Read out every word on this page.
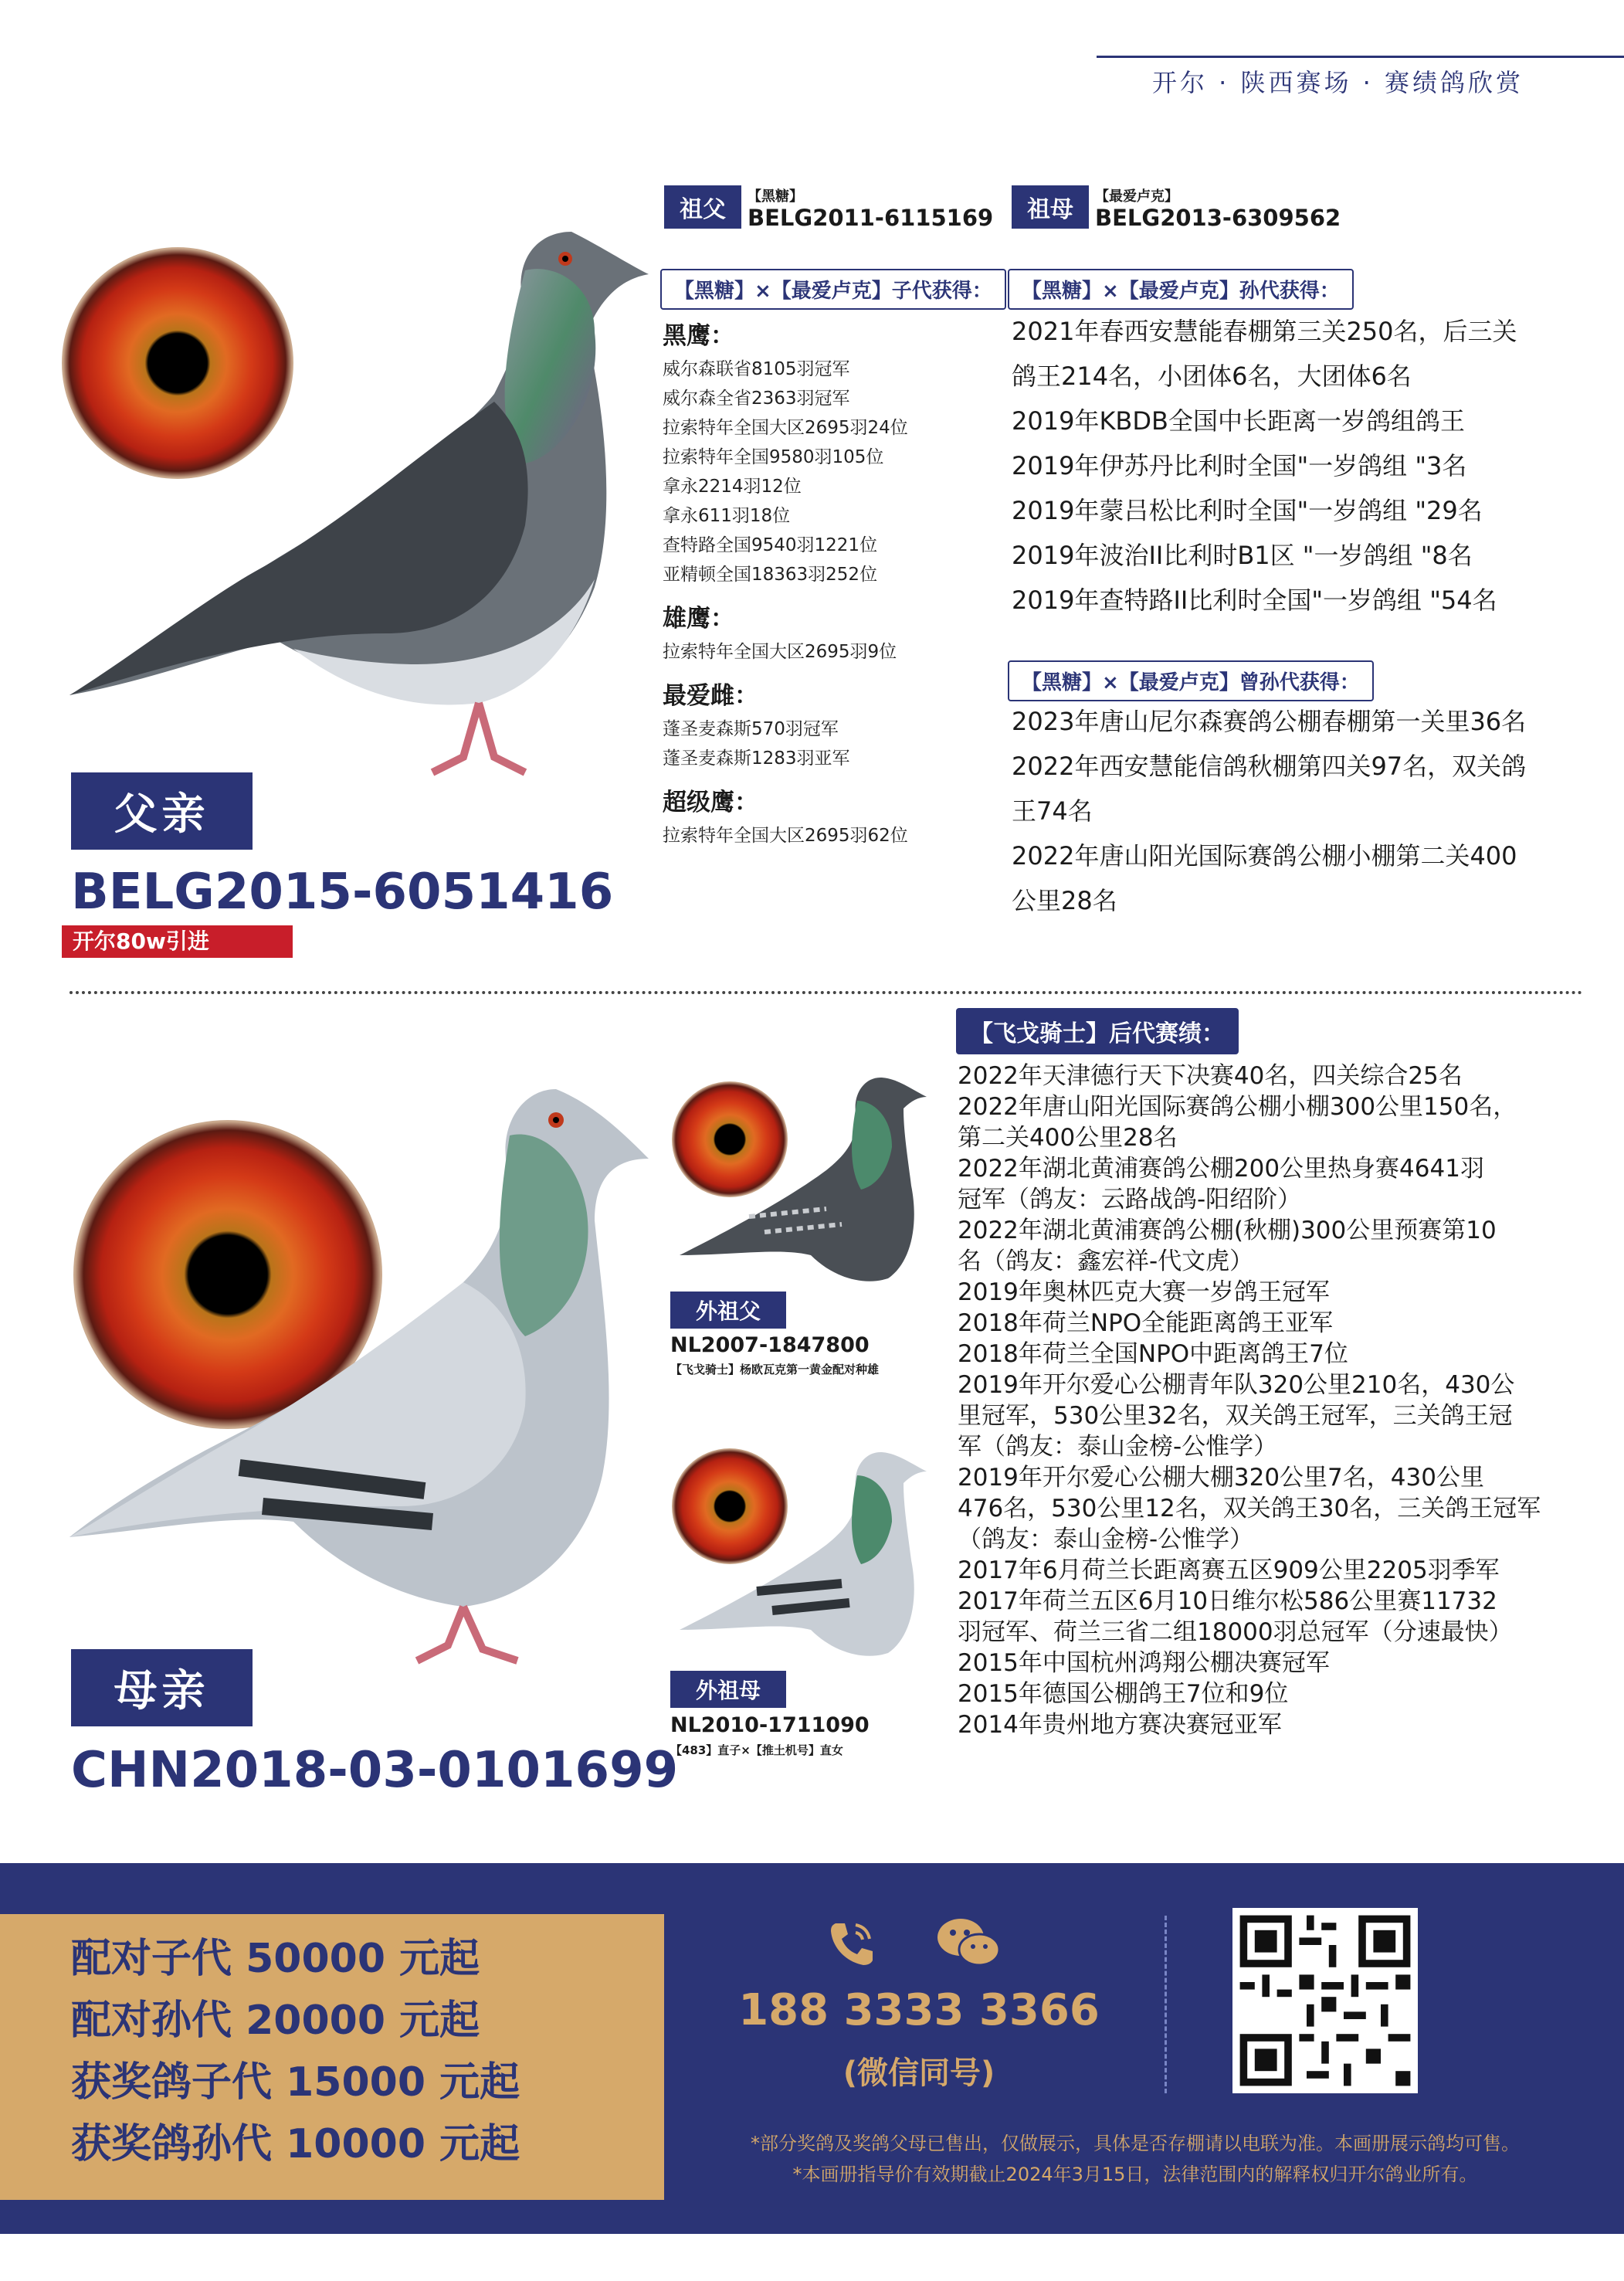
开尔 · 陕西赛场 · 赛绩鸽欣赏
父亲
BELG2015-6051416
开尔80w引进
祖父	【黑糖】
BELG2011-6115169	祖母	【最爱卢克】
BELG2013-6309562
【黑糖】×【最爱卢克】子代获得：
黑鹰：
威尔森联省8105羽冠军
威尔森全省2363羽冠军
拉索特年全国大区2695羽24位
拉索特年全国9580羽105位
拿永2214羽12位
拿永611羽18位
查特路全国9540羽1221位
亚精顿全国18363羽252位
雄鹰：
拉索特年全国大区2695羽9位
最爱雌：
蓬圣麦森斯570羽冠军
蓬圣麦森斯1283羽亚军
超级鹰：
拉索特年全国大区2695羽62位
【黑糖】×【最爱卢克】孙代获得：
2021年春西安慧能春棚第三关250名，后三关
鸽王214名，小团体6名，大团体6名
2019年KBDB全国中长距离一岁鸽组鸽王
2019年伊苏丹比利时全国"一岁鸽组 "3名
2019年蒙吕松比利时全国"一岁鸽组 "29名
2019年波治II比利时B1区 "一岁鸽组 "8名
2019年查特路II比利时全国"一岁鸽组 "54名
【黑糖】×【最爱卢克】曾孙代获得：
2023年唐山尼尔森赛鸽公棚春棚第一关里36名
2022年西安慧能信鸽秋棚第四关97名，双关鸽
王74名
2022年唐山阳光国际赛鸽公棚小棚第二关400
公里28名
母亲
CHN2018-03-0101699
外祖父
NL2007-1847800
【飞戈骑士】杨欧瓦克第一黄金配对种雄
外祖母
NL2010-1711090
【483】直子×【推土机号】直女
【飞戈骑士】后代赛绩：
2022年天津德行天下决赛40名，四关综合25名
2022年唐山阳光国际赛鸽公棚小棚300公里150名，
第二关400公里28名
2022年湖北黄浦赛鸽公棚200公里热身赛4641羽
冠军（鸽友：云路战鸽-阳绍阶）
2022年湖北黄浦赛鸽公棚(秋棚)300公里预赛第10
名（鸽友：鑫宏祥-代文虎）
2019年奥林匹克大赛一岁鸽王冠军
2018年荷兰NPO全能距离鸽王亚军
2018年荷兰全国NPO中距离鸽王7位
2019年开尔爱心公棚青年队320公里210名，430公
里冠军，530公里32名，双关鸽王冠军，三关鸽王冠
军（鸽友：泰山金榜-公惟学）
2019年开尔爱心公棚大棚320公里7名，430公里
476名，530公里12名，双关鸽王30名，三关鸽王冠军
（鸽友：泰山金榜-公惟学）
2017年6月荷兰长距离赛五区909公里2205羽季军
2017年荷兰五区6月10日维尔松586公里赛11732
羽冠军、荷兰三省二组18000羽总冠军（分速最快）
2015年中国杭州鸿翔公棚决赛冠军
2015年德国公棚鸽王7位和9位
2014年贵州地方赛决赛冠亚军
配对子代 50000 元起
配对孙代 20000 元起
获奖鸽子代 15000 元起
获奖鸽孙代 10000 元起
188 3333 3366
(微信同号)
*部分奖鸽及奖鸽父母已售出，仅做展示，具体是否存棚请以电联为准。本画册展示鸽均可售。
*本画册指导价有效期截止2024年3月15日，法律范围内的解释权归开尔鸽业所有。
